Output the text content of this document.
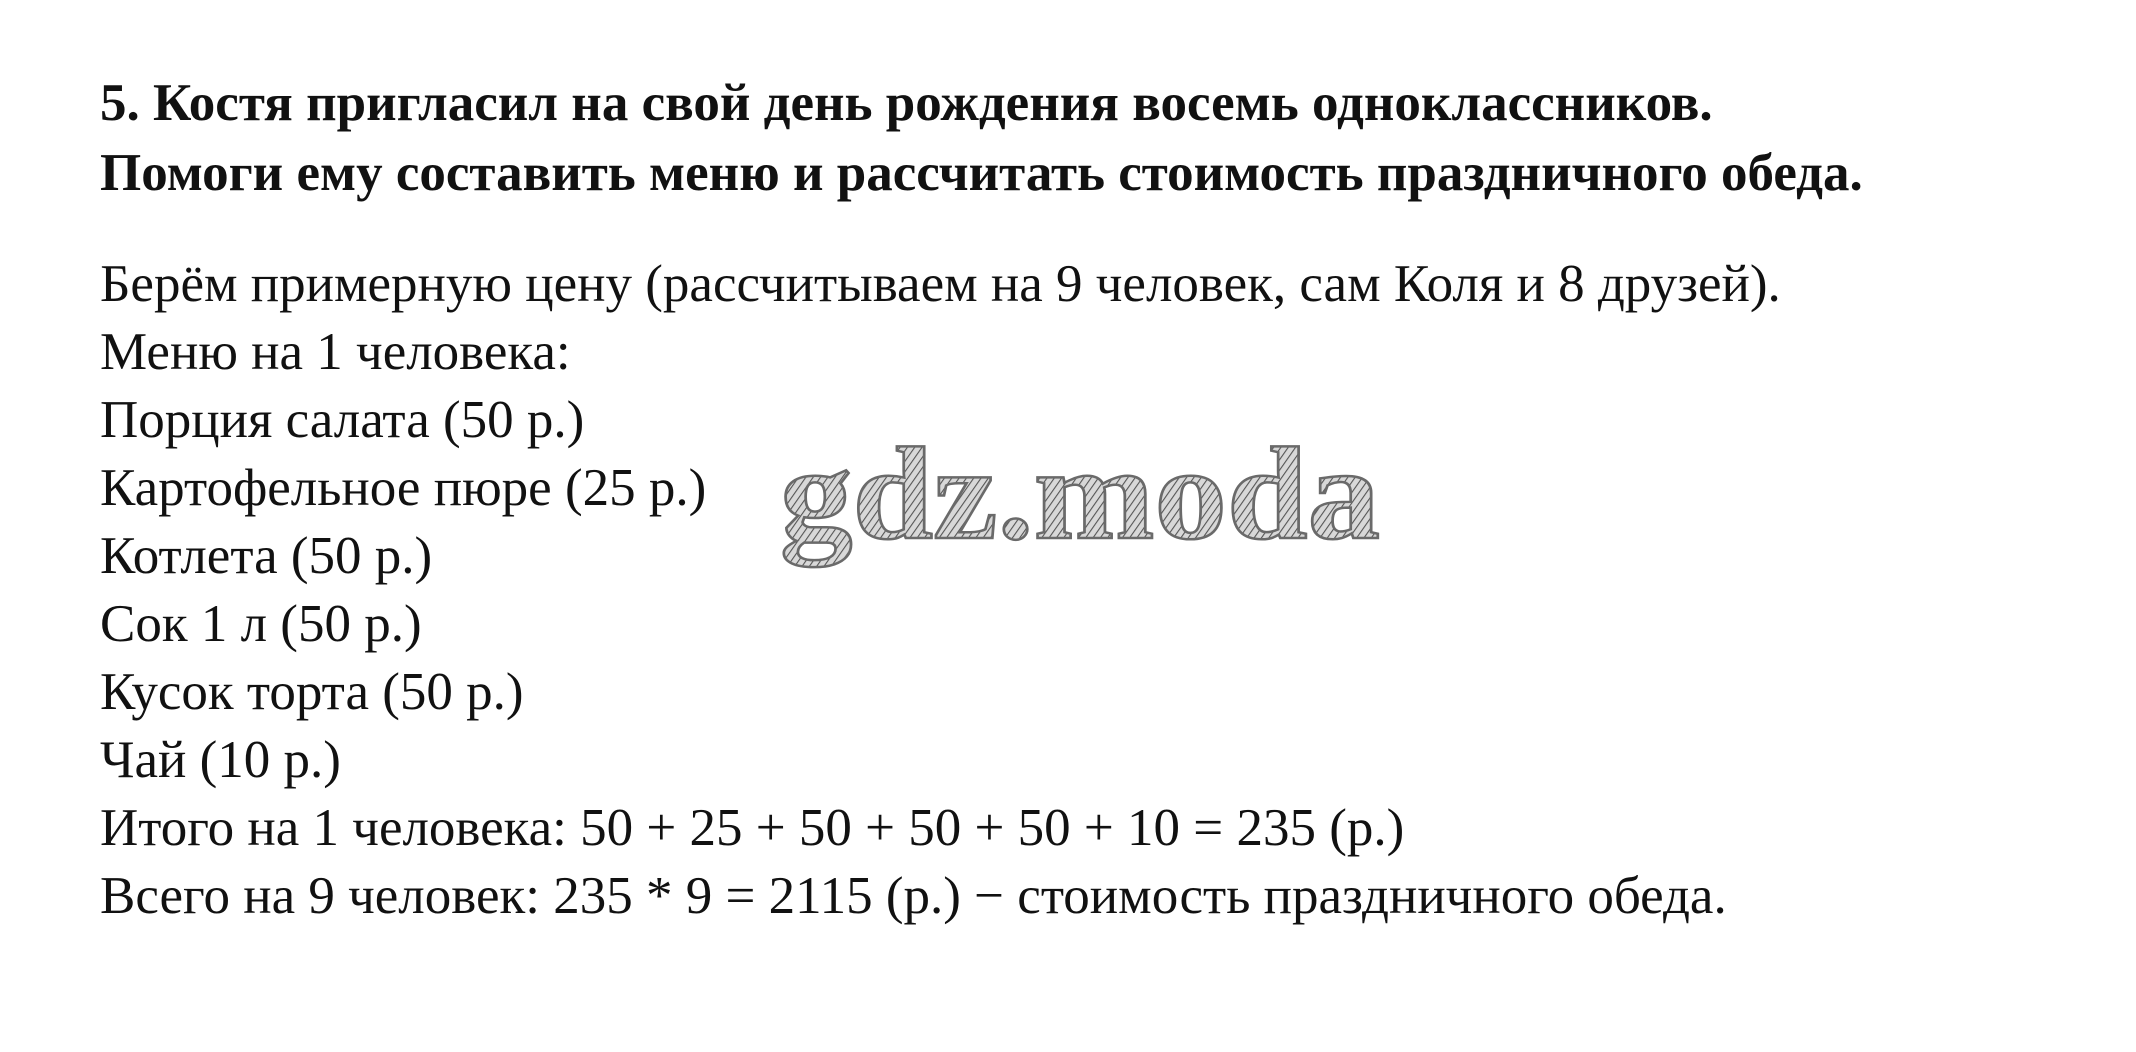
5. Костя пригласил на свой день рождения восемь одноклассников.
Помоги ему составить меню и рассчитать стоимость праздничного обеда.
Берём примерную цену (рассчитываем на 9 человек, сам Коля и 8 друзей).
Меню на 1 человека:
Порция салата (50 р.)
Картофельное пюре (25 р.)
Котлета (50 р.)
Сок 1 л (50 р.)
Кусок торта (50 р.)
Чай (10 р.)
Итого на 1 человека: 50 + 25 + 50 + 50 + 50 + 10 = 235 (р.)
Всего на 9 человек: 235 * 9 = 2115 (р.) − стоимость праздничного обеда.
gdz.moda
